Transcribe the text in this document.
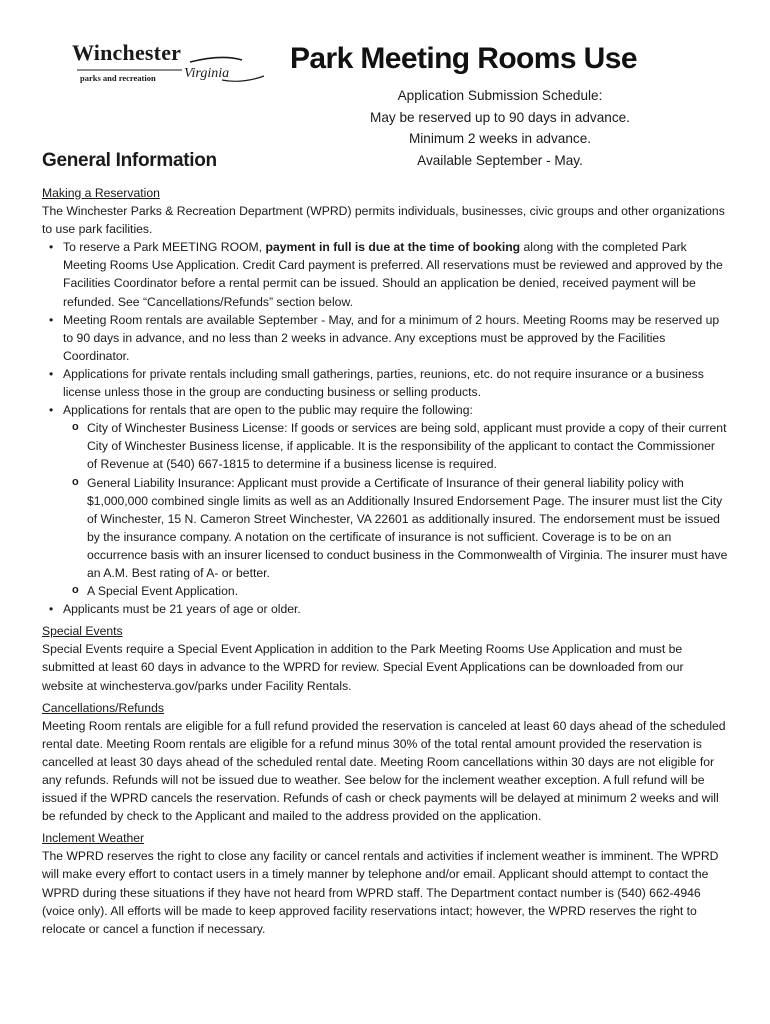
Winchester
parks and recreation Virginia Park Meeting Rooms Use
Application Submission Schedule:
May be reserved up to 90 days in advance.
Minimum 2 weeks in advance.
Available September - May.
General Information

Making a Reservation

The Winchester Parks & Recreation Department (WPRD) permits individuals, businesses, civic groups and other organizations to use park facilities.

• To reserve a Park MEETING ROOM, payment in full is due at the time of booking along with the completed Park Meeting Rooms Use Application. Credit Card payment is preferred. All reservations must be reviewed and approved by the Facilities Coordinator before a rental permit can be issued. Should an application be denied, received payment will be refunded. See “Cancellations/Refunds” section below.
• Meeting Room rentals are available September - May, and for a minimum of 2 hours. Meeting Rooms may be reserved up to 90 days in advance, and no less than 2 weeks in advance. Any exceptions must be approved by the Facilities Coordinator.
• Applications for private rentals including small gatherings, parties, reunions, etc. do not require insurance or a business license unless those in the group are conducting business or selling products.
• Applications for rentals that are open to the public may require the following:
o City of Winchester Business License: If goods or services are being sold, applicant must provide a copy of their current City of Winchester Business license, if applicable. It is the responsibility of the applicant to contact the Commissioner of Revenue at (540) 667-1815 to determine if a business license is required.
o General Liability Insurance: Applicant must provide a Certificate of Insurance of their general liability policy with $1,000,000 combined single limits as well as an Additionally Insured Endorsement Page. The insurer must list the City of Winchester, 15 N. Cameron Street Winchester, VA 22601 as additionally insured. The endorsement must be issued by the insurance company. A notation on the certificate of insurance is not sufficient. Coverage is to be on an occurrence basis with an insurer licensed to conduct business in the Commonwealth of Virginia. The insurer must have an A.M. Best rating of A- or better.
o A Special Event Application.
• Applicants must be 21 years of age or older.

Special Events

Special Events require a Special Event Application in addition to the Park Meeting Rooms Use Application and must be submitted at least 60 days in advance to the WPRD for review. Special Event Applications can be downloaded from our website at winchesterva.gov/parks under Facility Rentals.

Cancellations/Refunds

Meeting Room rentals are eligible for a full refund provided the reservation is canceled at least 60 days ahead of the scheduled rental date. Meeting Room rentals are eligible for a refund minus 30% of the total rental amount provided the reservation is cancelled at least 30 days ahead of the scheduled rental date. Meeting Room cancellations within 30 days are not eligible for any refunds. Refunds will not be issued due to weather. See below for the inclement weather exception. A full refund will be issued if the WPRD cancels the reservation. Refunds of cash or check payments will be delayed at minimum 2 weeks and will be refunded by check to the Applicant and mailed to the address provided on the application.

Inclement Weather

The WPRD reserves the right to close any facility or cancel rentals and activities if inclement weather is imminent. The WPRD will make every effort to contact users in a timely manner by telephone and/or email. Applicant should attempt to contact the WPRD during these situations if they have not heard from WPRD staff. The Department contact number is (540) 662-4946 (voice only). All efforts will be made to keep approved facility reservations intact; however, the WPRD reserves the right to relocate or cancel a function if necessary.
